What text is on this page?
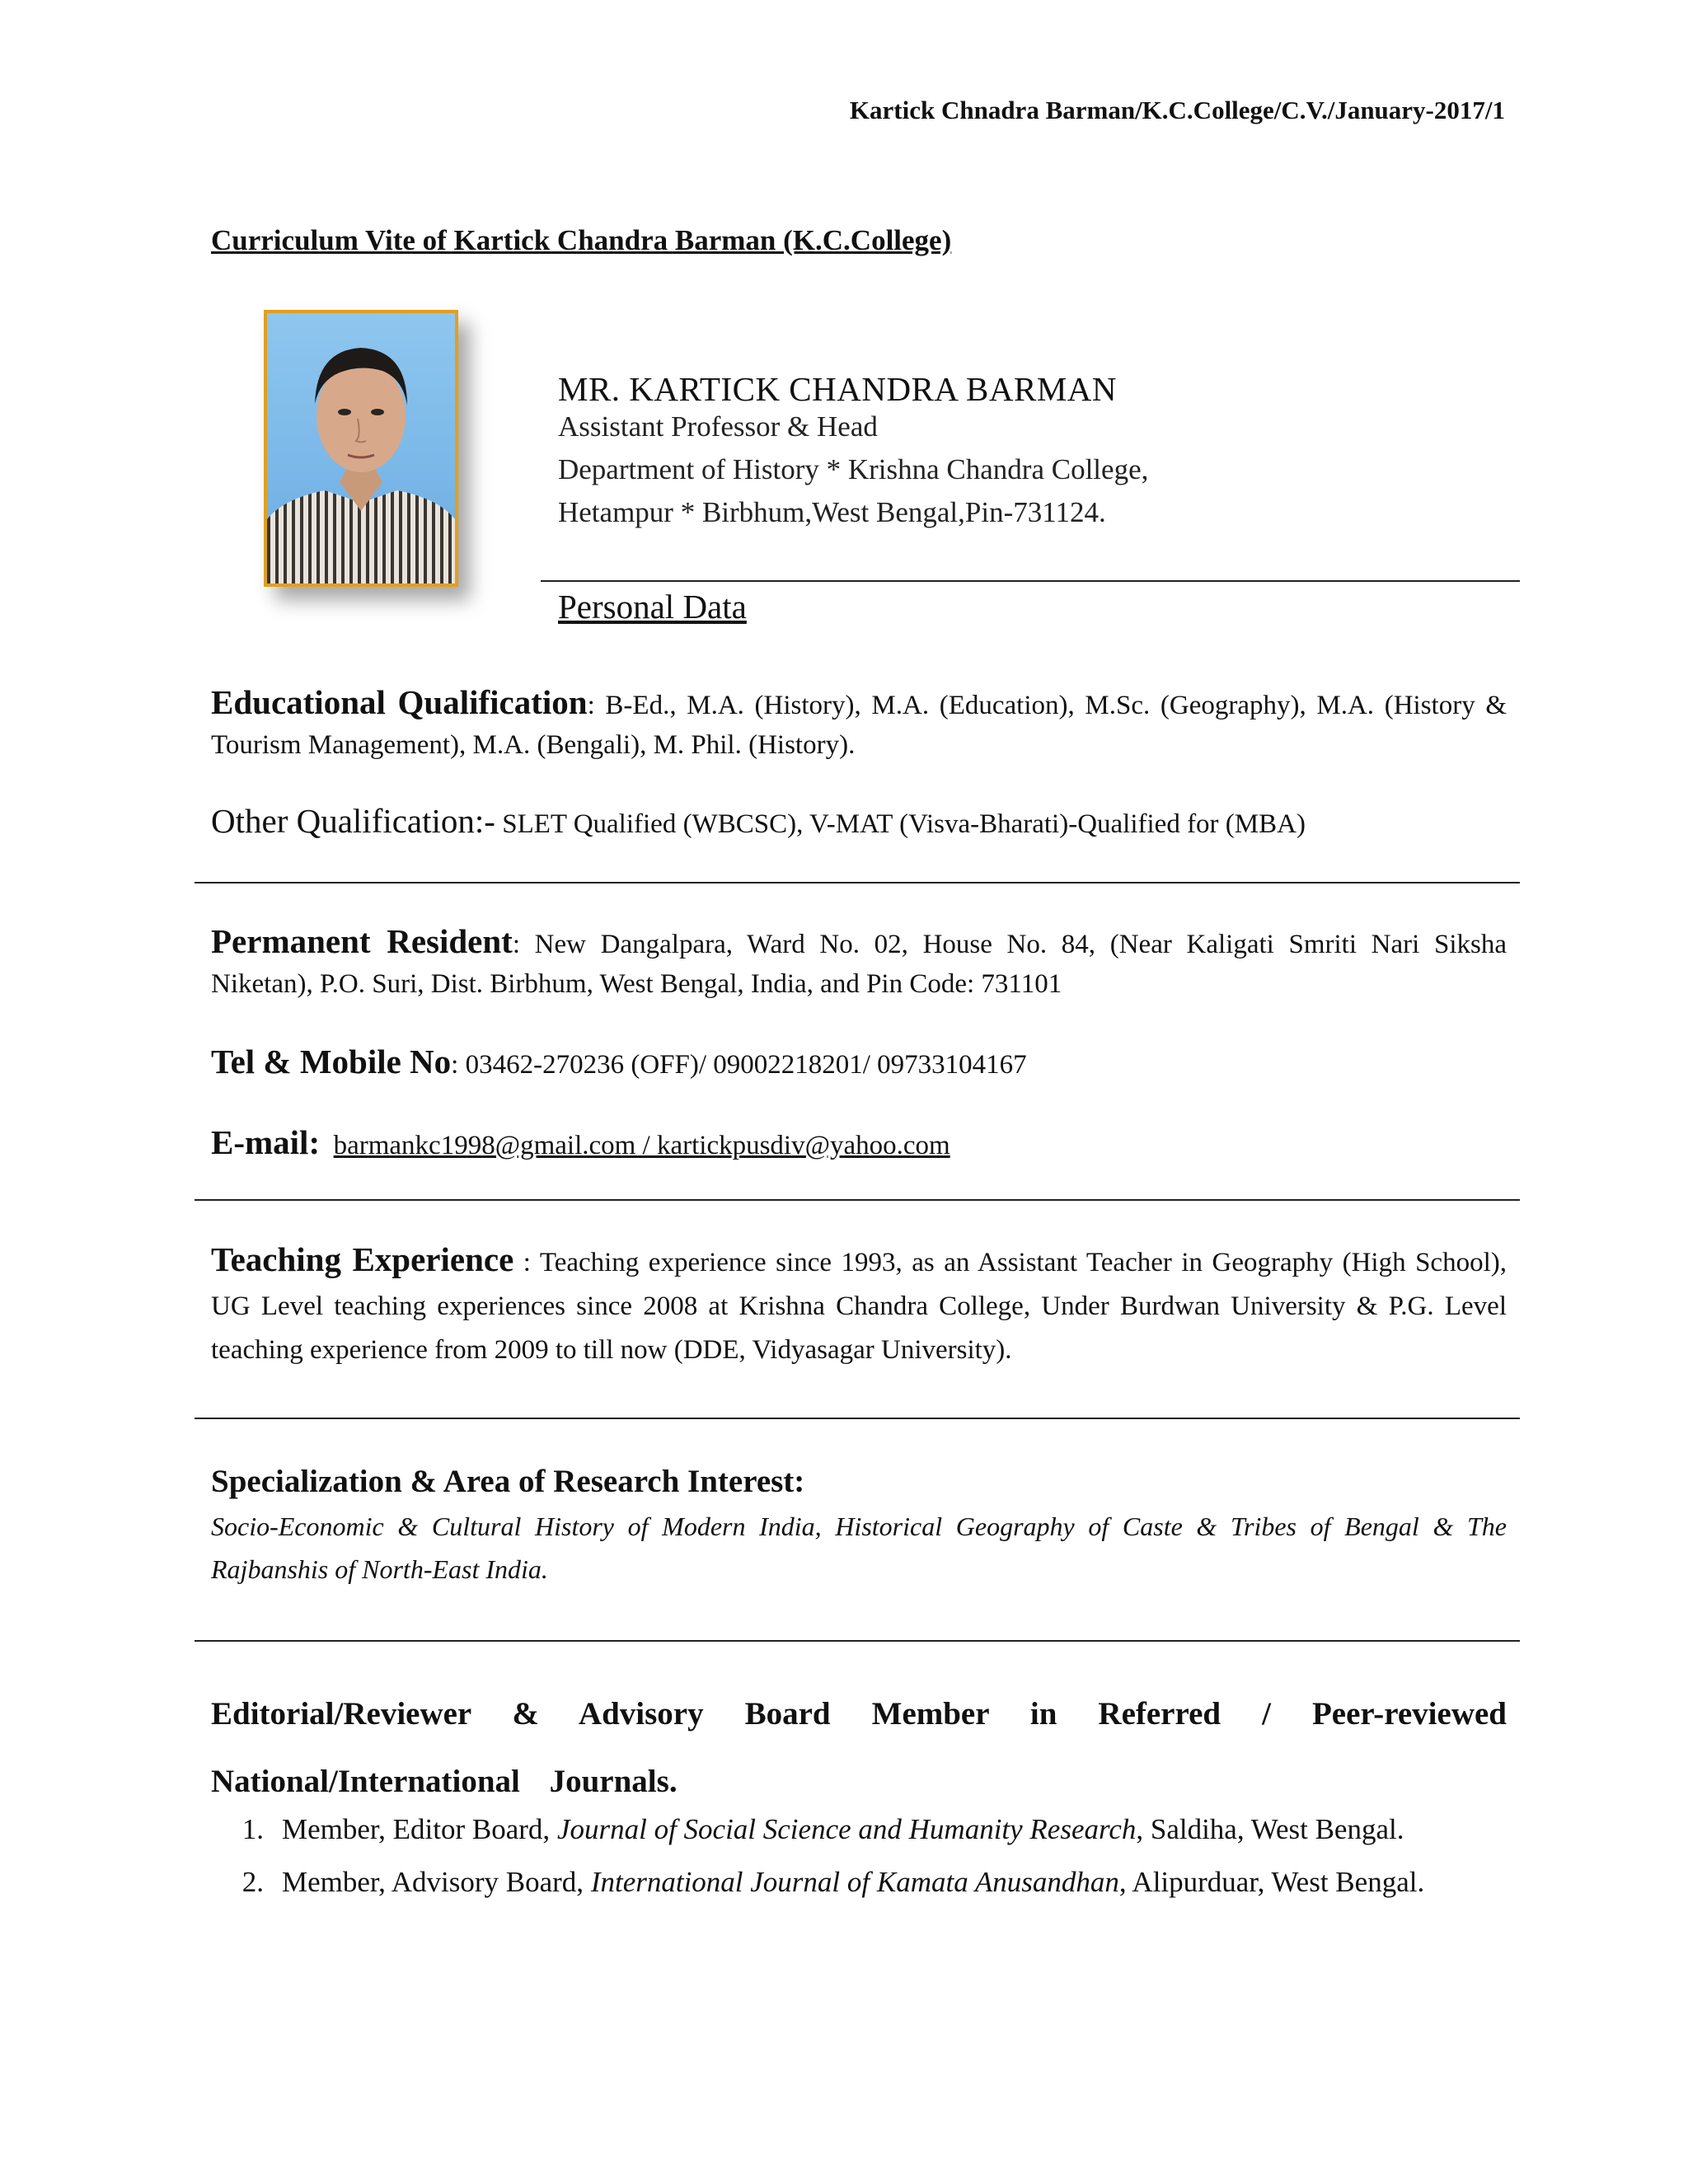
Kartick Chnadra Barman/K.C.College/C.V./January-2017/1
Curriculum Vite of Kartick Chandra Barman (K.C.College)
MR. KARTICK CHANDRA BARMAN
Assistant Professor & Head
Department of History * Krishna Chandra College,
Hetampur * Birbhum,West Bengal,Pin-731124.
Personal Data
Educational Qualification: B-Ed., M.A. (History), M.A. (Education), M.Sc. (Geography), M.A. (History & Tourism Management), M.A. (Bengali), M. Phil. (History).
Other Qualification:- SLET Qualified (WBCSC), V-MAT (Visva-Bharati)-Qualified for (MBA)
Permanent Resident: New Dangalpara, Ward No. 02, House No. 84, (Near Kaligati Smriti Nari Siksha Niketan), P.O. Suri, Dist. Birbhum, West Bengal, India, and Pin Code: 731101
Tel & Mobile No: 03462-270236 (OFF)/ 09002218201/ 09733104167
E-mail: barmankc1998@gmail.com / kartickpusdiv@yahoo.com
Teaching Experience : Teaching experience since 1993, as an Assistant Teacher in Geography (High School), UG Level teaching experiences since 2008 at Krishna Chandra College, Under Burdwan University & P.G. Level teaching experience from 2009 to till now (DDE, Vidyasagar University).
Specialization & Area of Research Interest:
Socio-Economic & Cultural History of Modern India, Historical Geography of Caste & Tribes of Bengal & The Rajbanshis of North-East India.
Editorial/Reviewer & Advisory Board Member in Referred / Peer-reviewed National/International Journals.
1. Member, Editor Board, Journal of Social Science and Humanity Research, Saldiha, West Bengal.
2. Member, Advisory Board, International Journal of Kamata Anusandhan, Alipurduar, West Bengal.
